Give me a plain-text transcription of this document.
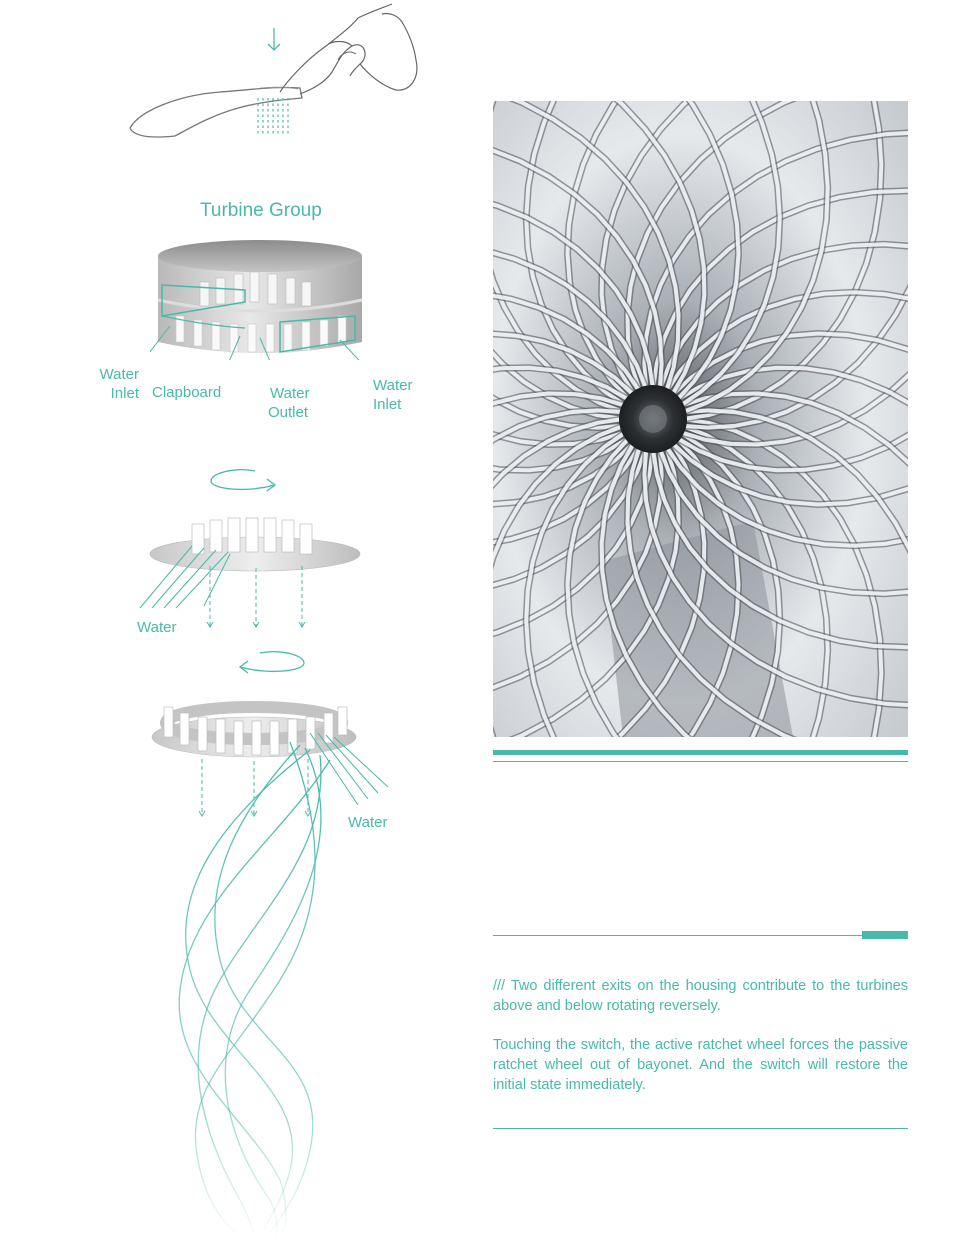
Turbine Group
Water
Inlet Clapboard	Water
Outlet
Water
Inlet
Water
Water

/// Two different exits on the housing contribute to the turbines above and below rotating reversely.

Touching the switch, the active ratchet wheel forces the passive ratchet wheel out of bayonet. And the switch will restore the initial state immediately.
